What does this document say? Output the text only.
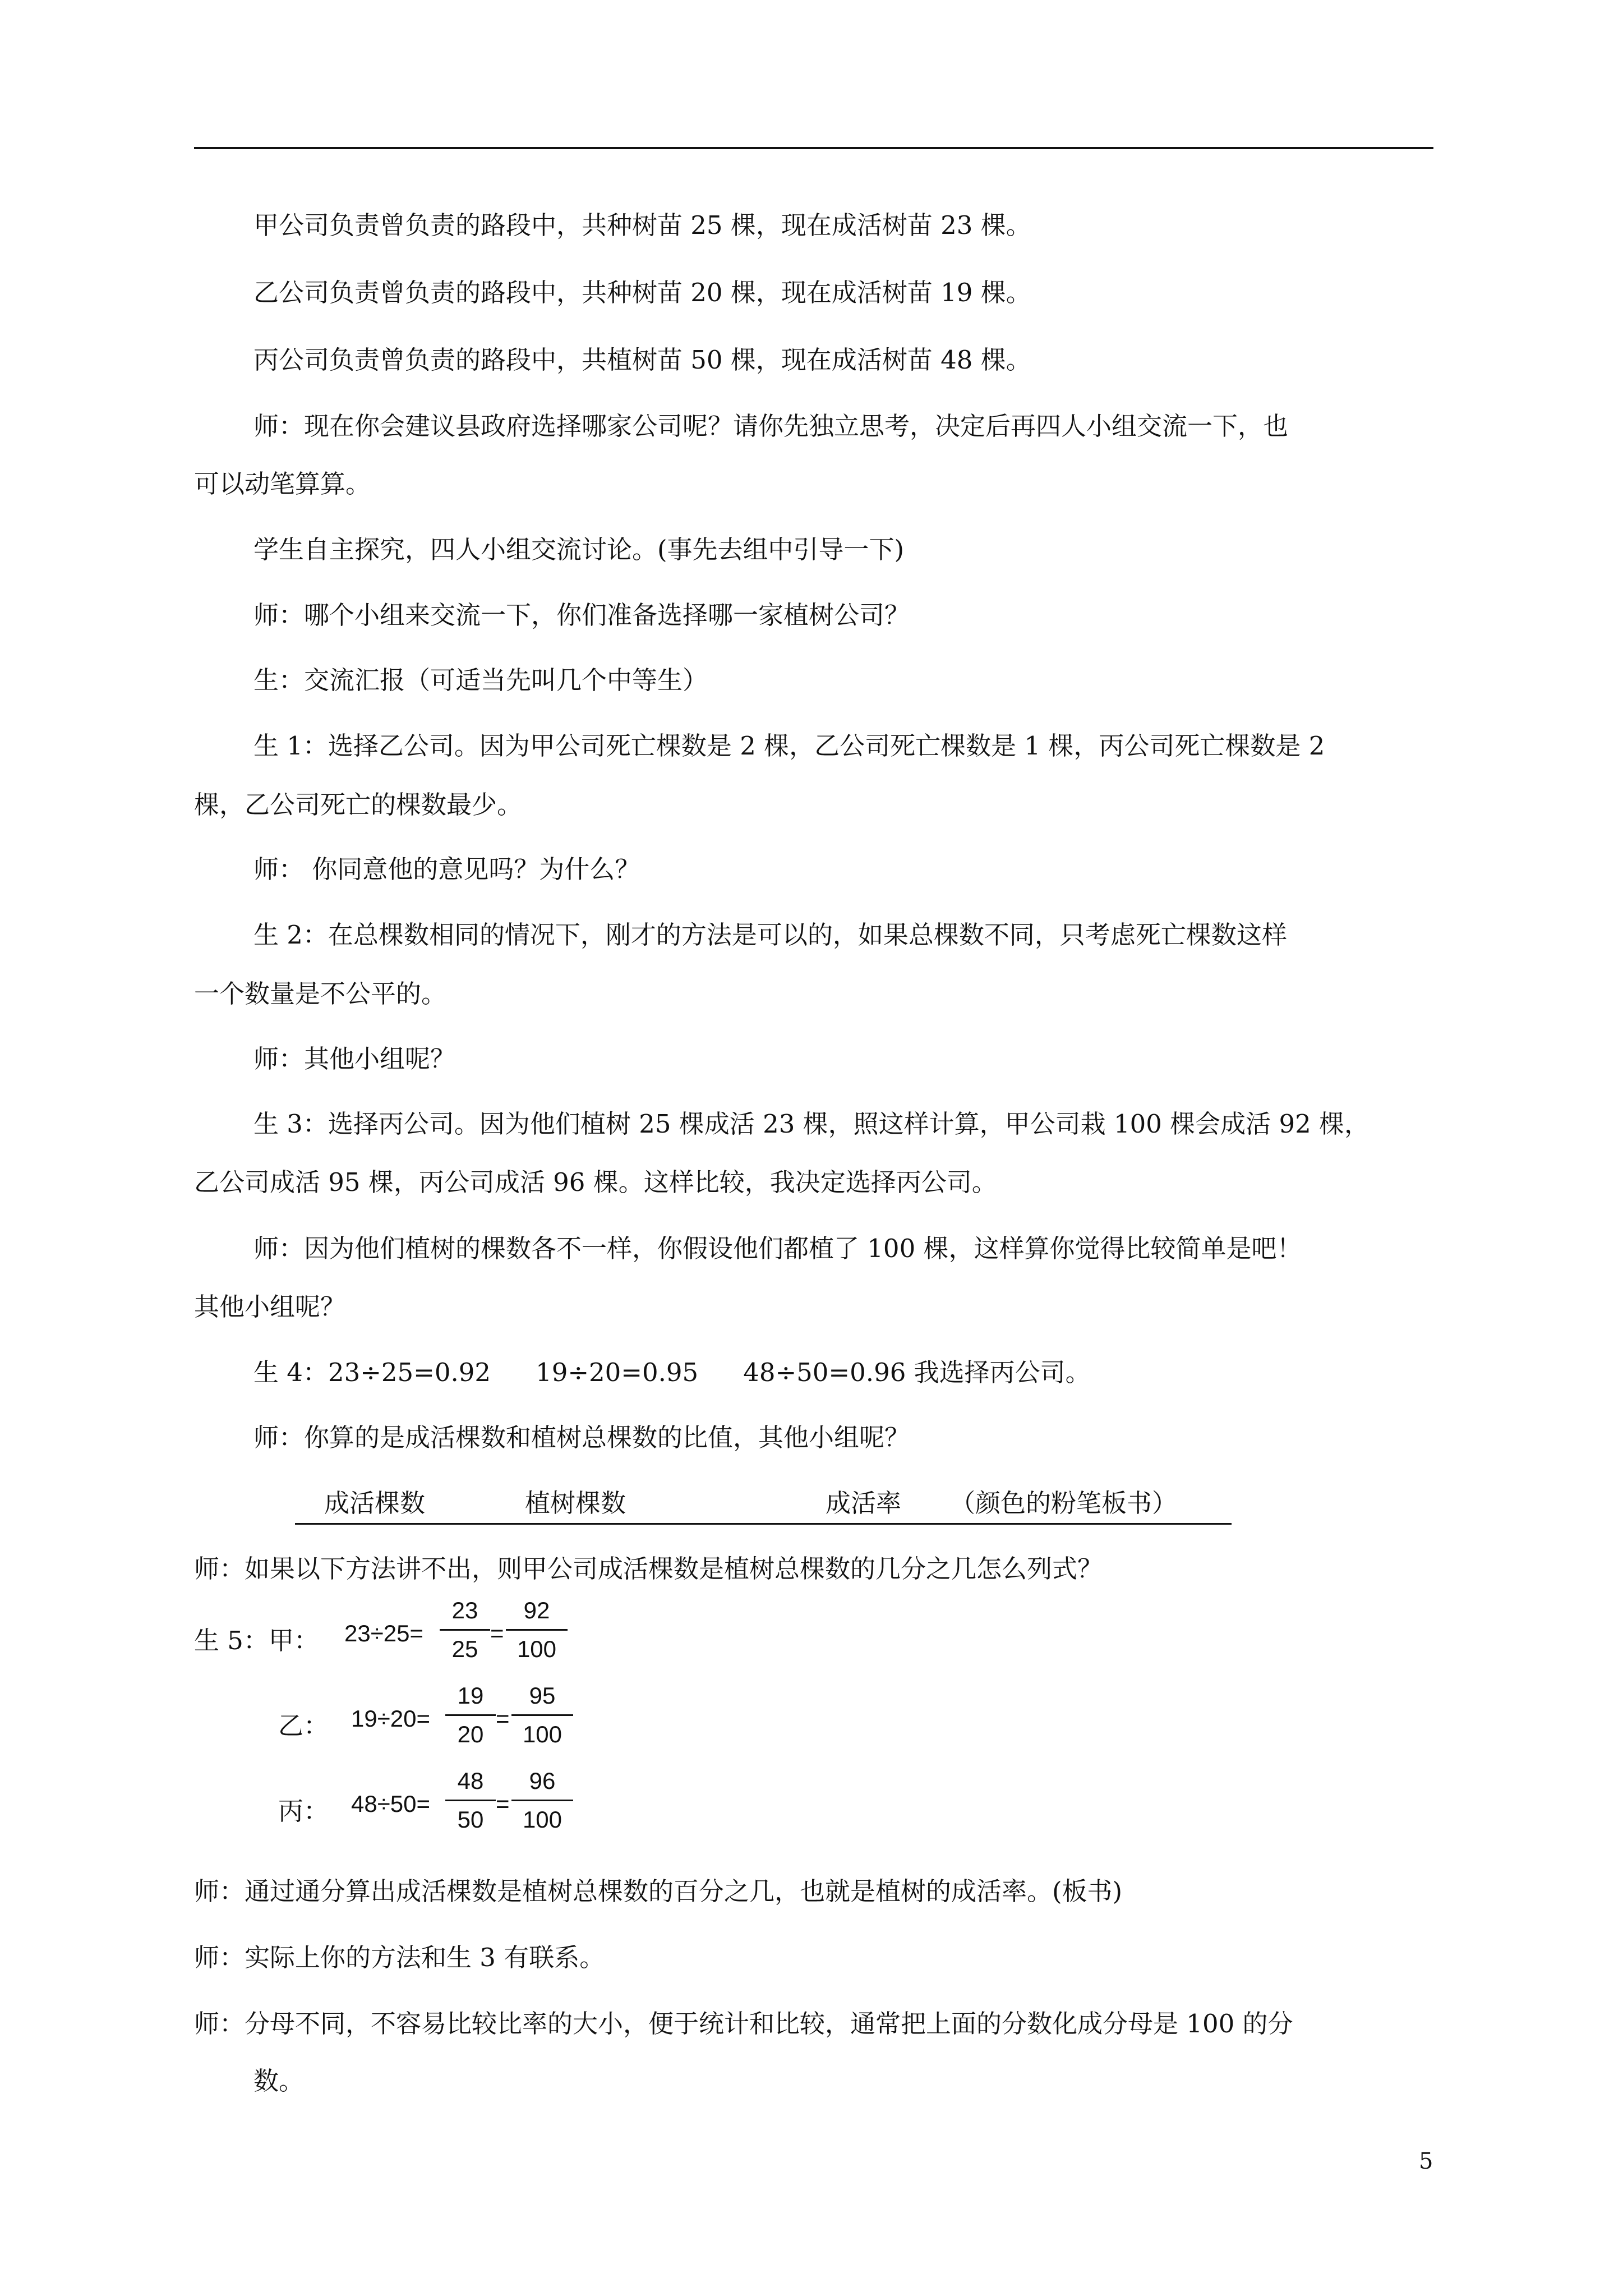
甲公司负责曾负责的路段中，共种树苗 25 棵，现在成活树苗 23 棵。
乙公司负责曾负责的路段中，共种树苗 20 棵，现在成活树苗 19 棵。
丙公司负责曾负责的路段中，共植树苗 50 棵，现在成活树苗 48 棵。
师：现在你会建议县政府选择哪家公司呢？请你先独立思考，决定后再四人小组交流一下，也
可以动笔算算。
学生自主探究，四人小组交流讨论。(事先去组中引导一下)
师：哪个小组来交流一下，你们准备选择哪一家植树公司？
生：交流汇报（可适当先叫几个中等生）
生 1：选择乙公司。因为甲公司死亡棵数是 2 棵，乙公司死亡棵数是 1 棵，丙公司死亡棵数是 2
棵，乙公司死亡的棵数最少。
师： 你同意他的意见吗？为什么？
生 2：在总棵数相同的情况下，刚才的方法是可以的，如果总棵数不同，只考虑死亡棵数这样
一个数量是不公平的。
师：其他小组呢？
生 3：选择丙公司。因为他们植树 25 棵成活 23 棵，照这样计算，甲公司栽 100 棵会成活 92 棵，
乙公司成活 95 棵，丙公司成活 96 棵。这样比较，我决定选择丙公司。
师：因为他们植树的棵数各不一样，你假设他们都植了 100 棵，这样算你觉得比较简单是吧！
其他小组呢？
生 4：23÷25=0.92 19÷20=0.95 48÷50=0.96 我选择丙公司。
师：你算的是成活棵数和植树总棵数的比值，其他小组呢？
成活棵数	植树棵数	成活率 （颜色的粉笔板书）
师：如果以下方法讲不出，则甲公司成活棵数是植树总棵数的几分之几怎么列式？
生 5：甲： 23÷25=
23
25
=
92
100
乙： 19÷20=
19
20
=
95
100
丙： 48÷50=
48
50
=
96
100
师：通过通分算出成活棵数是植树总棵数的百分之几，也就是植树的成活率。(板书)
师：实际上你的方法和生 3 有联系。
师：分母不同，不容易比较比率的大小，便于统计和比较，通常把上面的分数化成分母是 100 的分
数。
5
